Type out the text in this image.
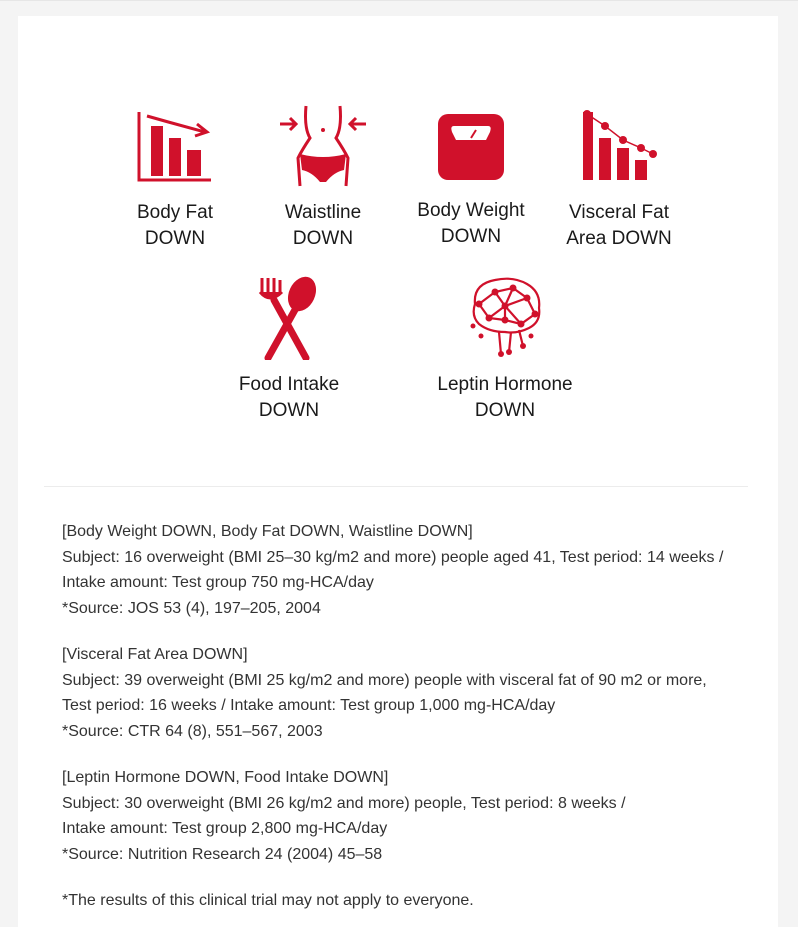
Body Fat
DOWN
Waistline
DOWN
Body Weight
DOWN
Visceral Fat
Area DOWN
Food Intake
DOWN
Leptin Hormone
DOWN
[Body Weight DOWN, Body Fat DOWN, Waistline DOWN]
Subject: 16 overweight (BMI 25–30 kg/m2 and more) people aged 41, Test period: 14 weeks /
Intake amount: Test group 750 mg-HCA/day
*Source: JOS 53 (4), 197–205, 2004
[Visceral Fat Area DOWN]
Subject: 39 overweight (BMI 25 kg/m2 and more) people with visceral fat of 90 m2 or more,
Test period: 16 weeks / Intake amount: Test group 1,000 mg-HCA/day
*Source: CTR 64 (8), 551–567, 2003
[Leptin Hormone DOWN, Food Intake DOWN]
Subject: 30 overweight (BMI 26 kg/m2 and more) people, Test period: 8 weeks /
Intake amount: Test group 2,800 mg-HCA/day
*Source: Nutrition Research 24 (2004) 45–58
*The results of this clinical trial may not apply to everyone.
